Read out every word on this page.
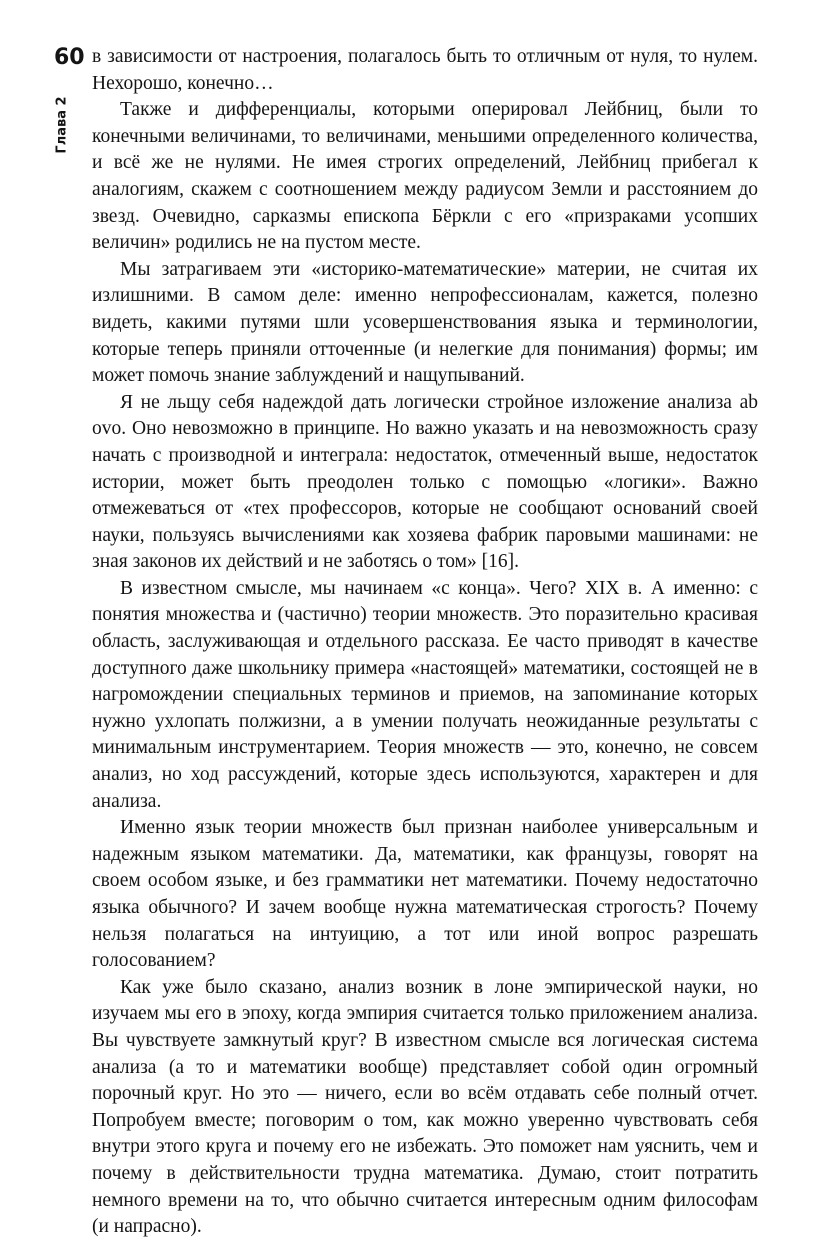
60
Глава 2

в зависимости от настроения, полагалось быть то отличным от нуля, то нулем. Нехорошо, конечно…

Также и дифференциалы, которыми оперировал Лейбниц, были то конечными величинами, то величинами, меньшими определенного количества, и всё же не нулями. Не имея строгих определений, Лейбниц прибегал к аналогиям, скажем с соотношением между радиусом Земли и расстоянием до звезд. Очевидно, сарказмы епископа Бёркли с его «призраками усопших величин» родились не на пустом месте.

Мы затрагиваем эти «историко-математические» материи, не считая их излишними. В самом деле: именно непрофессионалам, кажется, полезно видеть, какими путями шли усовершенствования языка и терминологии, которые теперь приняли отточенные (и нелегкие для понимания) формы; им может помочь знание заблуждений и нащупываний.

Я не льщу себя надеждой дать логически стройное изложение анализа ab ovo. Оно невозможно в принципе. Но важно указать и на невозможность сразу начать с производной и интеграла: недостаток, отмеченный выше, недостаток истории, может быть преодолен только с помощью «логики». Важно отмежеваться от «тех профессоров, которые не сообщают оснований своей науки, пользуясь вычислениями как хозяева фабрик паровыми машинами: не зная законов их действий и не заботясь о том» [16].

В известном смысле, мы начинаем «с конца». Чего? XIX в. А именно: с понятия множества и (частично) теории множеств. Это поразительно красивая область, заслуживающая и отдельного рассказа. Ее часто приводят в качестве доступного даже школьнику примера «настоящей» математики, состоящей не в нагромождении специальных терминов и приемов, на запоминание которых нужно ухлопать полжизни, а в умении получать неожиданные результаты с минимальным инструментарием. Теория множеств — это, конечно, не совсем анализ, но ход рассуждений, которые здесь используются, характерен и для анализа.

Именно язык теории множеств был признан наиболее универсальным и надежным языком математики. Да, математики, как французы, говорят на своем особом языке, и без грамматики нет математики. Почему недостаточно языка обычного? И зачем вообще нужна математическая строгость? Почему нельзя полагаться на интуицию, а тот или иной вопрос разрешать голосованием?

Как уже было сказано, анализ возник в лоне эмпирической науки, но изучаем мы его в эпоху, когда эмпирия считается только приложением анализа. Вы чувствуете замкнутый круг? В известном смысле вся логическая система анализа (а то и математики вообще) представляет собой один огромный порочный круг. Но это — ничего, если во всём отдавать себе полный отчет. Попробуем вместе; поговорим о том, как можно уверенно чувствовать себя внутри этого круга и почему его не избежать. Это поможет нам уяснить, чем и почему в действительности трудна математика. Думаю, стоит потратить немного времени на то, что обычно считается интересным одним философам (и напрасно).
